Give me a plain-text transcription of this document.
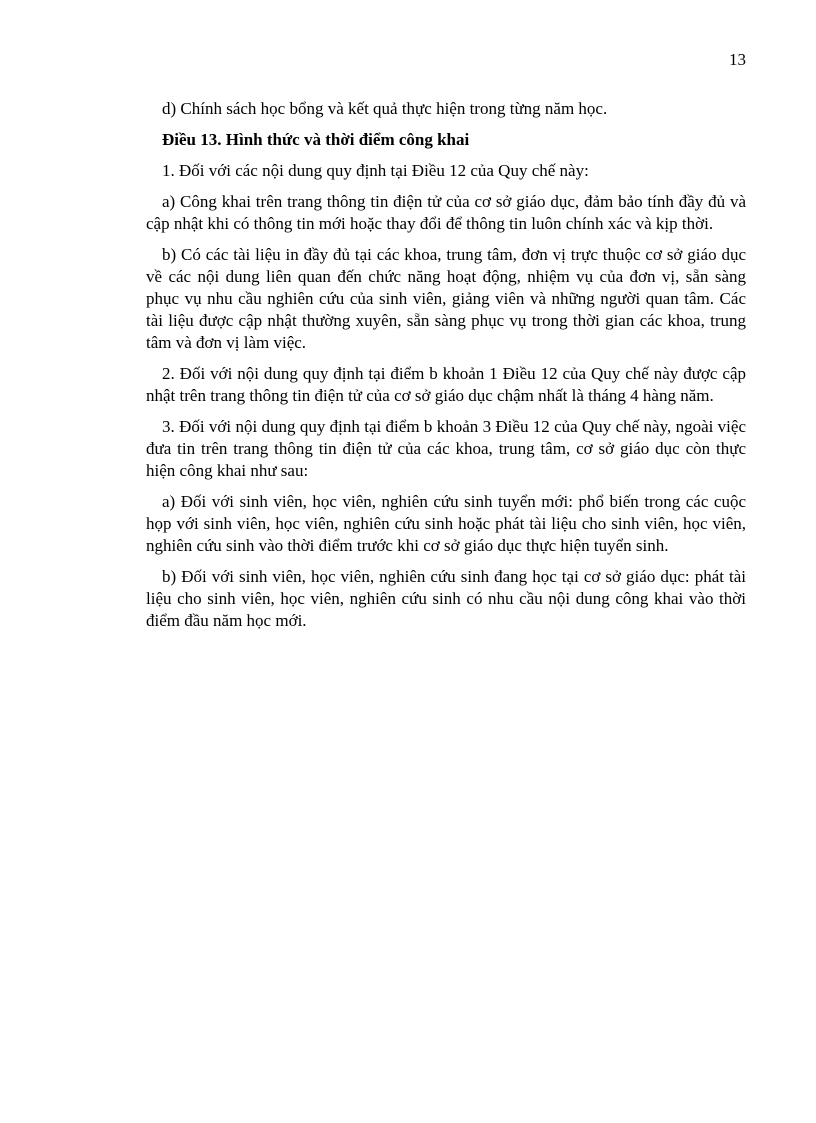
13

d) Chính sách học bổng và kết quả thực hiện trong từng năm học.

Điều 13. Hình thức và thời điểm công khai

1. Đối với các nội dung quy định tại Điều 12 của Quy chế này:

a) Công khai trên trang thông tin điện tử của cơ sở giáo dục, đảm bảo tính đầy đủ và cập nhật khi có thông tin mới hoặc thay đổi để thông tin luôn chính xác và kịp thời.

b) Có các tài liệu in đầy đủ tại các khoa, trung tâm, đơn vị trực thuộc cơ sở giáo dục về các nội dung liên quan đến chức năng hoạt động, nhiệm vụ của đơn vị, sẵn sàng phục vụ nhu cầu nghiên cứu của sinh viên, giảng viên và những người quan tâm. Các tài liệu được cập nhật thường xuyên, sẵn sàng phục vụ trong thời gian các khoa, trung tâm và đơn vị làm việc.

2. Đối với nội dung quy định tại điểm b khoản 1 Điều 12 của Quy chế này được cập nhật trên trang thông tin điện tử của cơ sở giáo dục chậm nhất là tháng 4 hàng năm.

3. Đối với nội dung quy định tại điểm b khoản 3 Điều 12 của Quy chế này, ngoài việc đưa tin trên trang thông tin điện tử của các khoa, trung tâm, cơ sở giáo dục còn thực hiện công khai như sau:

a) Đối với sinh viên, học viên, nghiên cứu sinh tuyển mới: phổ biến trong các cuộc họp với sinh viên, học viên, nghiên cứu sinh hoặc phát tài liệu cho sinh viên, học viên, nghiên cứu sinh vào thời điểm trước khi cơ sở giáo dục thực hiện tuyển sinh.

b) Đối với sinh viên, học viên, nghiên cứu sinh đang học tại cơ sở giáo dục: phát tài liệu cho sinh viên, học viên, nghiên cứu sinh có nhu cầu nội dung công khai vào thời điểm đầu năm học mới.
